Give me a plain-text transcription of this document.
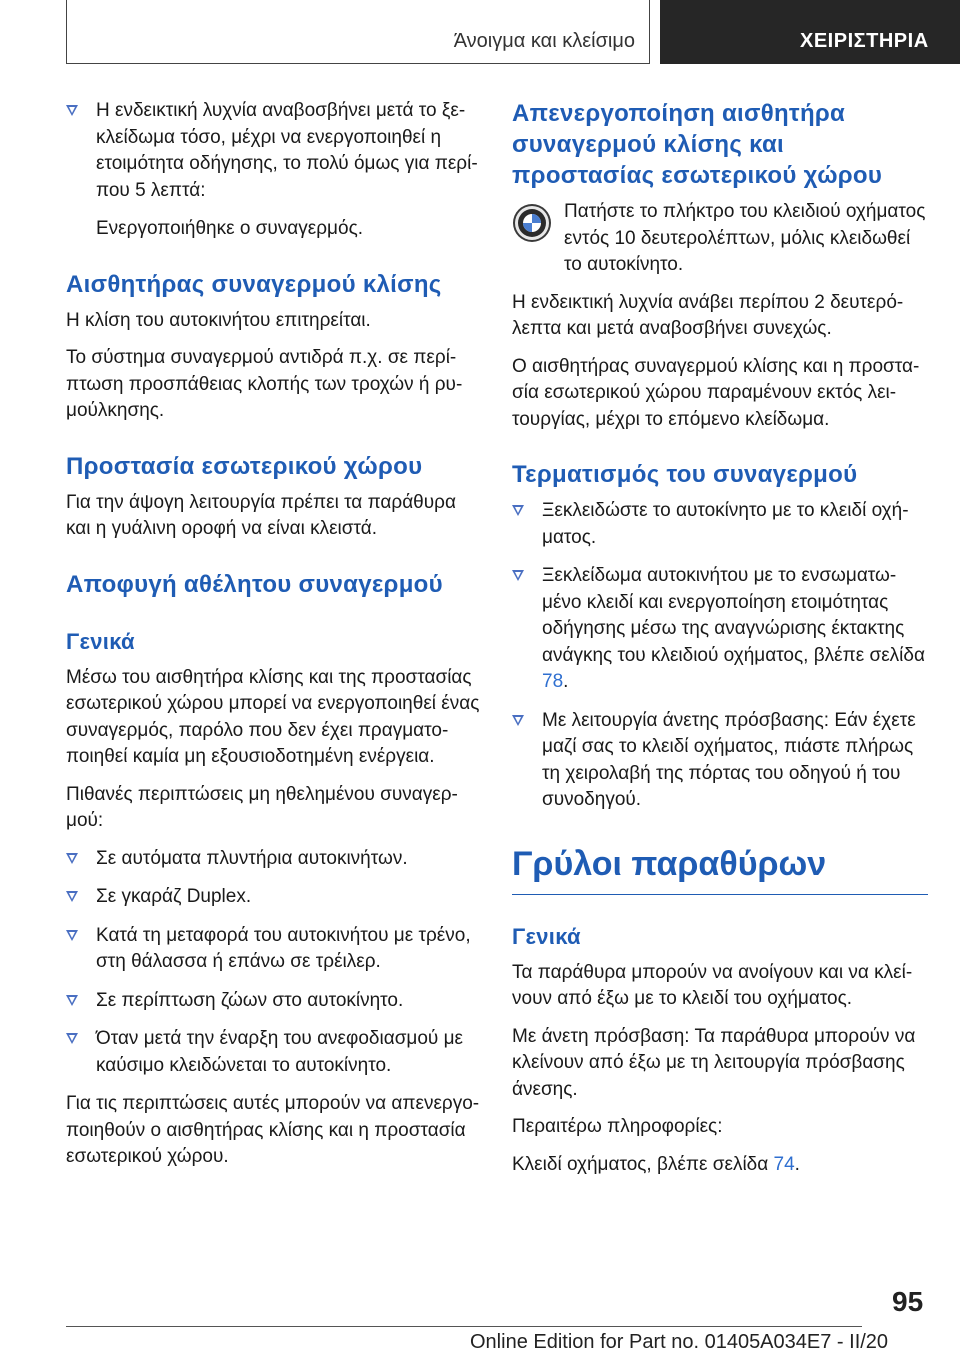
Άνοιγμα και κλείσιμο	ΧΕΙΡΙΣΤΗΡΙΑ
Η ενδεικτική λυχνία αναβοσβήνει μετά το ξεκλείδωμα τόσο, μέχρι να ενεργοποιηθεί η ετοιμότητα οδήγησης, το πολύ όμως για περίπου 5 λεπτά:

Ενεργοποιήθηκε ο συναγερμός.

Αισθητήρας συναγερμού κλίσης

Η κλίση του αυτοκινήτου επιτηρείται.

Το σύστημα συναγερμού αντιδρά π.χ. σε περίπτωση προσπάθειας κλοπής των τροχών ή ρυμούλκησης.

Προστασία εσωτερικού χώρου

Για την άψογη λειτουργία πρέπει τα παράθυρα και η γυάλινη οροφή να είναι κλειστά.

Αποφυγή αθέλητου συναγερμού
Γενικά

Μέσω του αισθητήρα κλίσης και της προστασίας εσωτερικού χώρου μπορεί να ενεργοποιηθεί ένας συναγερμός, παρόλο που δεν έχει πραγματοποιηθεί καμία μη εξουσιοδοτημένη ενέργεια.

Πιθανές περιπτώσεις μη ηθελημένου συναγερμού:

Σε αυτόματα πλυντήρια αυτοκινήτων.
Σε γκαράζ Duplex.
Κατά τη μεταφορά του αυτοκινήτου με τρένο, στη θάλασσα ή επάνω σε τρέιλερ.
Σε περίπτωση ζώων στο αυτοκίνητο.
Όταν μετά την έναρξη του ανεφοδιασμού με καύσιμο κλειδώνεται το αυτοκίνητο.

Για τις περιπτώσεις αυτές μπορούν να απενεργοποιηθούν ο αισθητήρας κλίσης και η προστασία εσωτερικού χώρου.

Απενεργοποίηση αισθητήρα συναγερμού κλίσης και προστασίας εσωτερικού χώρου

Πατήστε το πλήκτρο του κλειδιού οχήματος εντός 10 δευτερολέπτων, μόλις κλειδωθεί το αυτοκίνητο.

Η ενδεικτική λυχνία ανάβει περίπου 2 δευτερόλεπτα και μετά αναβοσβήνει συνεχώς.

Ο αισθητήρας συναγερμού κλίσης και η προστασία εσωτερικού χώρου παραμένουν εκτός λειτουργίας, μέχρι το επόμενο κλείδωμα.

Τερματισμός του συναγερμού
Ξεκλειδώστε το αυτοκίνητο με το κλειδί οχήματος.
Ξεκλείδωμα αυτοκινήτου με το ενσωματωμένο κλειδί και ενεργοποίηση ετοιμότητας οδήγησης μέσω της αναγνώρισης έκτακτης ανάγκης του κλειδιού οχήματος, βλέπε σελίδα 78.
Με λειτουργία άνετης πρόσβασης: Εάν έχετε μαζί σας το κλειδί οχήματος, πιάστε πλήρως τη χειρολαβή της πόρτας του οδηγού ή του συνοδηγού.
Γρύλοι παραθύρων
Γενικά

Τα παράθυρα μπορούν να ανοίγουν και να κλείνουν από έξω με το κλειδί του οχήματος.

Με άνετη πρόσβαση: Τα παράθυρα μπορούν να κλείνουν από έξω με τη λειτουργία πρόσβασης άνεσης.

Περαιτέρω πληροφορίες:

Κλειδί οχήματος, βλέπε σελίδα 74.

95
Online Edition for Part no. 01405A034E7 - II/20
